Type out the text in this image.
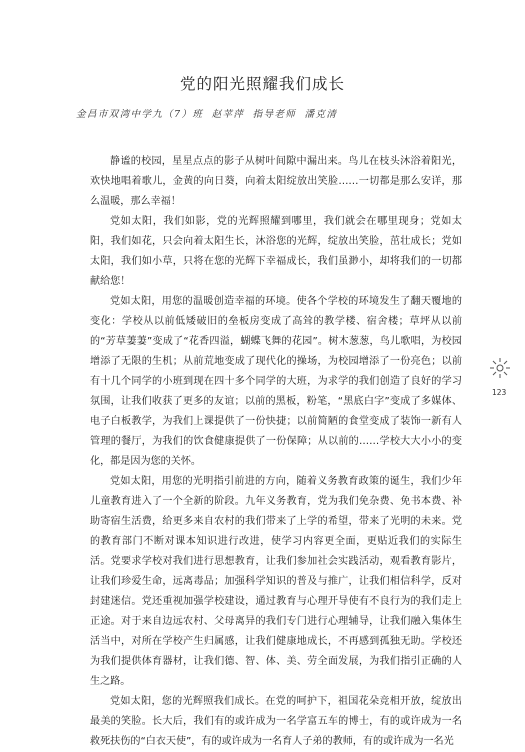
党的阳光照耀我们成长
金昌市双湾中学九（7）班 赵苹萍 指导老师 潘克清

静谧的校园，星星点点的影子从树叶间隙中漏出来。鸟儿在枝头沐浴着阳光，欢快地唱着歌儿，金黄的向日葵，向着太阳绽放出笑脸……一切都是那么安详，那么温暖，那么幸福！

党如太阳，我们如影，党的光辉照耀到哪里，我们就会在哪里现身；党如太阳，我们如花，只会向着太阳生长，沐浴您的光辉，绽放出笑脸，茁壮成长；党如太阳，我们如小草，只将在您的光辉下幸福成长，我们虽渺小，却将我们的一切都献给您！

党如太阳，用您的温暖创造幸福的环境。使各个学校的环境发生了翻天覆地的变化：学校从以前低矮破旧的垒板房变成了高耸的教学楼、宿舍楼；草坪从以前的“芳草萋萋”变成了“花香四溢，蝴蝶飞舞的花园”。树木葱葱，鸟儿歌唱，为校园增添了无限的生机；从前荒地变成了现代化的操场，为校园增添了一份亮色；以前有十几个同学的小班到现在四十多个同学的大班，为求学的我们创造了良好的学习氛围，让我们收获了更多的友谊；以前的黑板，粉笔，“黑底白字”变成了多媒体、电子白板教学，为我们上课提供了一份快捷；以前简陋的食堂变成了装饰一新有人管理的餐厅，为我们的饮食健康提供了一份保障；从以前的……学校大大小小的变化，都是因为您的关怀。

党如太阳，用您的光明指引前进的方向，随着义务教育政策的诞生，我们少年儿童教育进入了一个全新的阶段。九年义务教育，党为我们免杂费、免书本费、补助寄宿生活费，给更多来自农村的我们带来了上学的希望，带来了光明的未来。党的教育部门不断对课本知识进行改进，使学习内容更全面，更贴近我们的实际生活。党要求学校对我们进行思想教育，让我们参加社会实践活动，观看教育影片，让我们珍爱生命，远离毒品；加强科学知识的普及与推广，让我们相信科学，反对封建迷信。党还重视加强学校建设，通过教育与心理开导使有不良行为的我们走上正途。对于来自边远农村、父母离异的我们专门进行心理辅导，让我们融入集体生活当中，对所在学校产生归属感，让我们健康地成长，不再感到孤独无助。学校还为我们提供体育器材，让我们德、智、体、美、劳全面发展，为我们指引正确的人生之路。

党如太阳，您的光辉照我们成长。在党的呵护下，祖国花朵竞相开放，绽放出最美的笑脸。长大后，我们有的或许成为一名学富五车的博士，有的或许成为一名救死扶伤的“白衣天使”，有的或许成为一名育人子弟的教师，有的或许成为一名光

123
